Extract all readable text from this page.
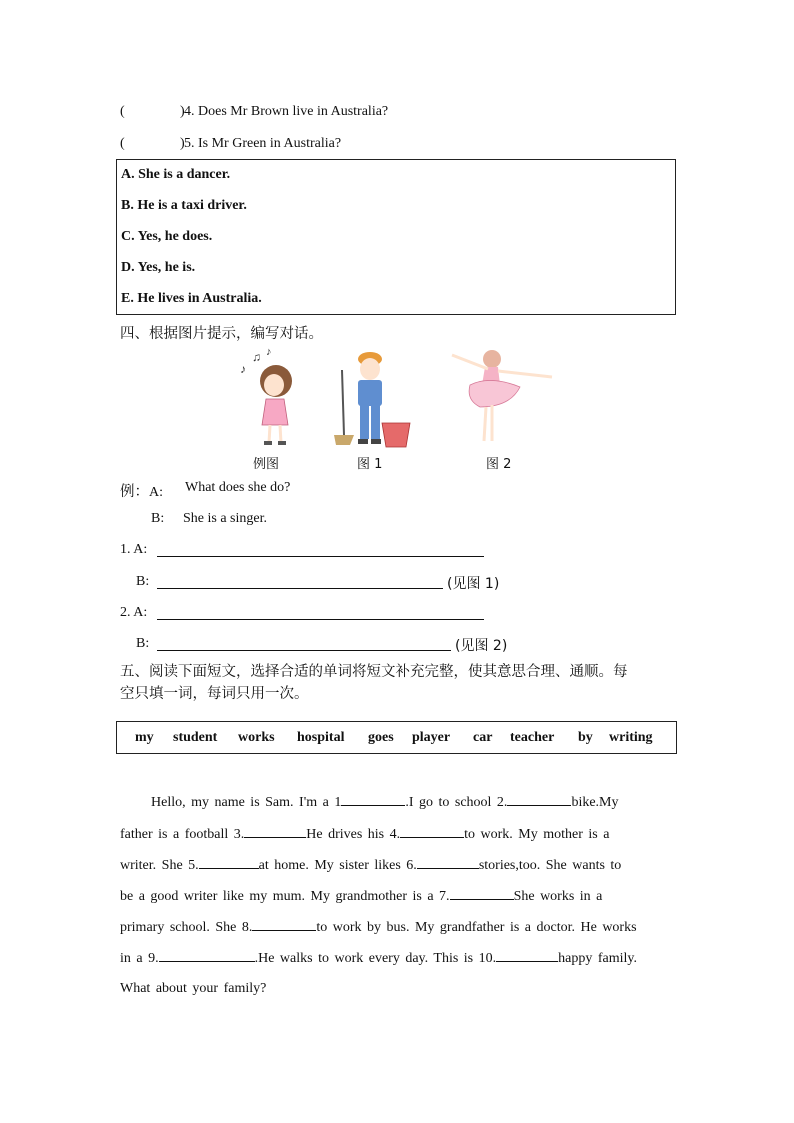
(	) 4. Does Mr Brown live in Australia?
(	) 5. Is Mr Green in Australia?
A. She is a dancer.
B. He is a taxi driver.
C. Yes, he does.
D. Yes, he is.
E. He lives in Australia.
四、根据图片提示，编写对话。
♪
♫ ♪
例图	图 1	图 2
例：A: What does she do?
B: She is a singer.
1. A:
B:	(见图 1)
2. A:
B:	(见图 2)
五、阅读下面短文，选择合适的单词将短文补充完整，使其意思合理、通顺。每
空只填一词，每词只用一次。
my student works hospital goes player car teacher by writing
Hello, my name is Sam. I'm a 1	.I go to school 2.	bike.My
father is a football 3.	He drives his 4.	to work. My mother is a
writer. She 5.	at home. My sister likes 6.	stories,too. She wants to
be a good writer like my mum. My grandmother is a 7.	She works in a
primary school. She 8.	to work by bus. My grandfather is a doctor. He works
in a 9.	.He walks to work every day. This is 10.	happy family.
What about your family?
